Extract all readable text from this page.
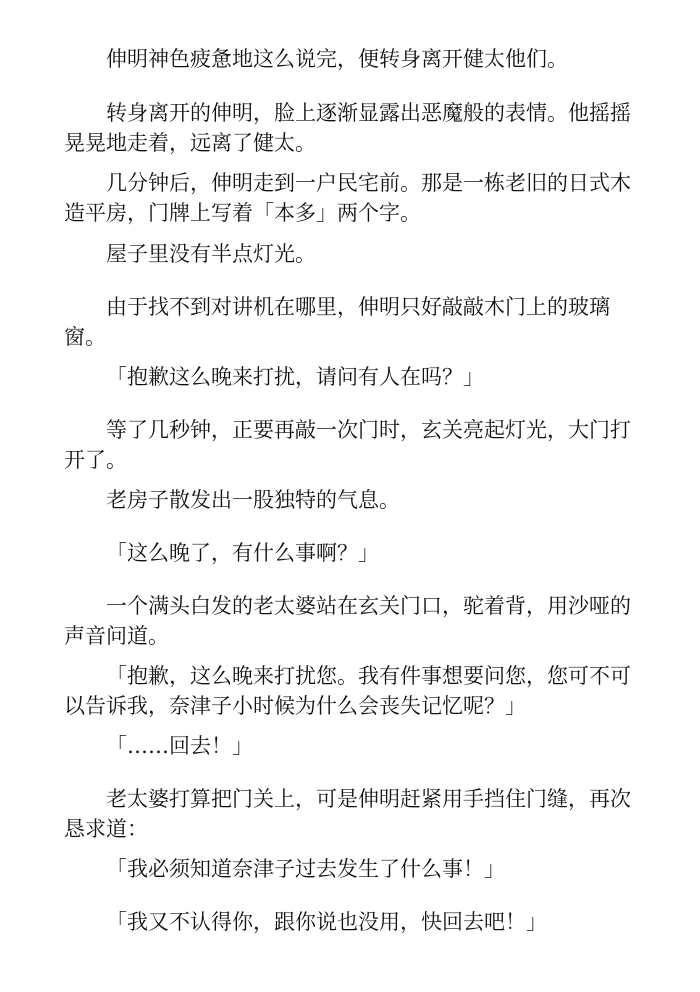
伸明神色疲惫地这么说完，便转身离开健太他们。

转身离开的伸明，脸上逐渐显露出恶魔般的表情。他摇摇晃晃地走着，远离了健太。

几分钟后，伸明走到一户民宅前。那是一栋老旧的日式木造平房，门牌上写着「本多」两个字。

屋子里没有半点灯光。

由于找不到对讲机在哪里，伸明只好敲敲木门上的玻璃窗。

「抱歉这么晚来打扰，请问有人在吗？」

等了几秒钟，正要再敲一次门时，玄关亮起灯光，大门打开了。

老房子散发出一股独特的气息。

「这么晚了，有什么事啊？」

一个满头白发的老太婆站在玄关门口，驼着背，用沙哑的声音问道。

「抱歉，这么晚来打扰您。我有件事想要问您，您可不可以告诉我，奈津子小时候为什么会丧失记忆呢？」

「……回去！」

老太婆打算把门关上，可是伸明赶紧用手挡住门缝，再次恳求道：

「我必须知道奈津子过去发生了什么事！」

「我又不认得你，跟你说也没用，快回去吧！」
